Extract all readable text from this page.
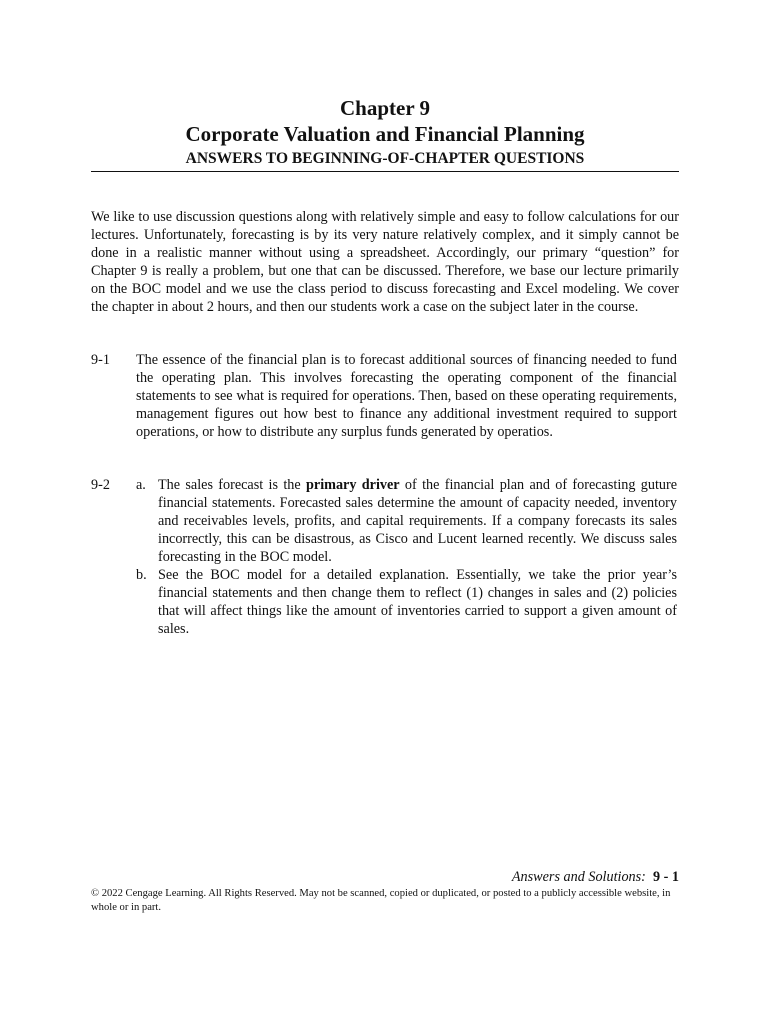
Chapter 9
Corporate Valuation and Financial Planning
ANSWERS TO BEGINNING-OF-CHAPTER QUESTIONS

We like to use discussion questions along with relatively simple and easy to follow calculations for our lectures. Unfortunately, forecasting is by its very nature relatively complex, and it simply cannot be done in a realistic manner without using a spreadsheet. Accordingly, our primary “question” for Chapter 9 is really a problem, but one that can be discussed. Therefore, we base our lecture primarily on the BOC model and we use the class period to discuss forecasting and Excel modeling. We cover the chapter in about 2 hours, and then our students work a case on the subject later in the course.

9-1 The essence of the financial plan is to forecast additional sources of financing needed to fund the operating plan. This involves forecasting the operating component of the financial statements to see what is required for operations. Then, based on these operating requirements, management figures out how best to finance any additional investment required to support operations, or how to distribute any surplus funds generated by operatios.
9-2 a. The sales forecast is the primary driver of the financial plan and of forecasting guture financial statements. Forecasted sales determine the amount of capacity needed, inventory and receivables levels, profits, and capital requirements. If a company forecasts its sales incorrectly, this can be disastrous, as Cisco and Lucent learned recently. We discuss sales forecasting in the BOC model.
b. See the BOC model for a detailed explanation. Essentially, we take the prior year’s financial statements and then change them to reflect (1) changes in sales and (2) policies that will affect things like the amount of inventories carried to support a given amount of sales.
Answers and Solutions: 9 - 1
© 2022 Cengage Learning. All Rights Reserved. May not be scanned, copied or duplicated, or posted to a publicly accessible website, in whole or in part.
